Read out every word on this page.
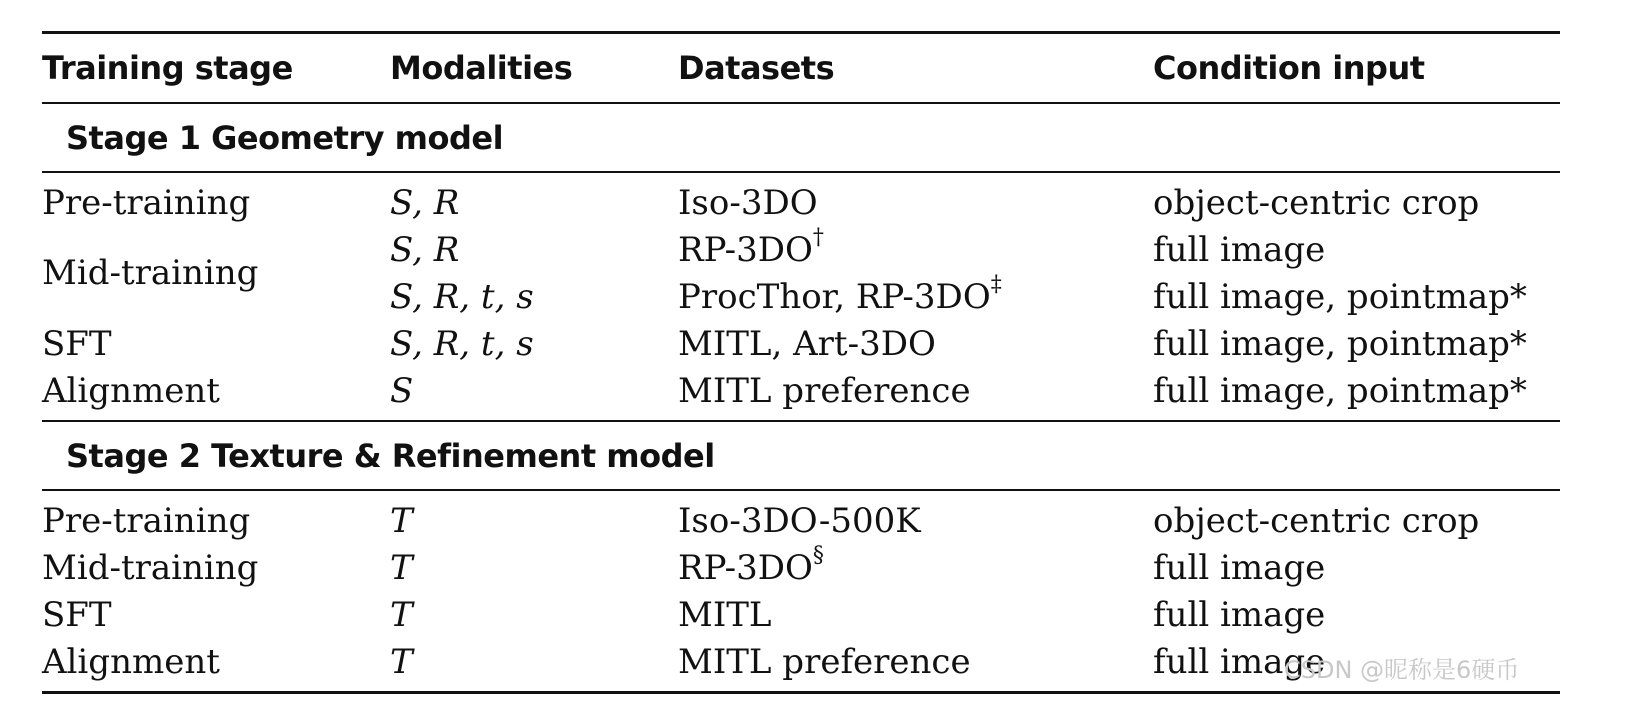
Training stage	Modalities	Datasets	Condition input
Stage 1 Geometry model			
Pre-training	S, R	Iso-3DO	object-centric crop
Mid-training	S, R	RP-3DO†	full image
	S, R, t, s	ProcThor, RP-3DO‡	full image, pointmap*
SFT	S, R, t, s	MITL, Art-3DO	full image, pointmap*
Alignment	S	MITL preference	full image, pointmap*
Stage 2 Texture & Refinement model			
Pre-training	T	Iso-3DO-500K	object-centric crop
Mid-training	T	RP-3DO§	full image
SFT	T	MITL	full image
Alignment	T	MITL preference	full image
CSDN @昵称是6硬币
